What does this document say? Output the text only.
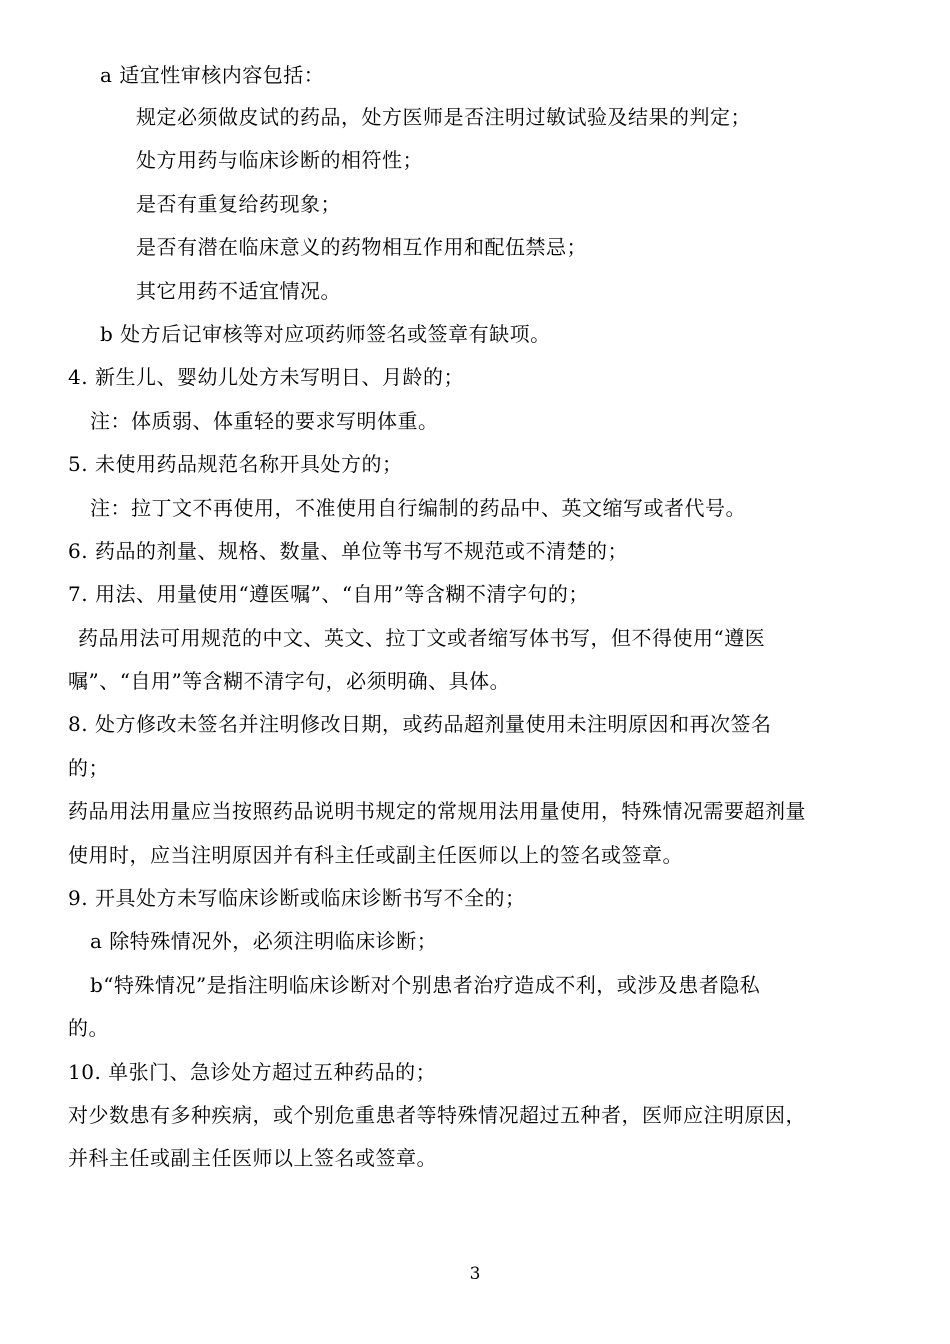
a 适宜性审核内容包括：
规定必须做皮试的药品，处方医师是否注明过敏试验及结果的判定；
处方用药与临床诊断的相符性；
是否有重复给药现象；
是否有潜在临床意义的药物相互作用和配伍禁忌；
其它用药不适宜情况。
b 处方后记审核等对应项药师签名或签章有缺项。
4. 新生儿、婴幼儿处方未写明日、月龄的；
注：体质弱、体重轻的要求写明体重。
5. 未使用药品规范名称开具处方的；
注：拉丁文不再使用，不准使用自行编制的药品中、英文缩写或者代号。
6. 药品的剂量、规格、数量、单位等书写不规范或不清楚的；
7. 用法、用量使用“遵医嘱”、“自用”等含糊不清字句的；
药品用法可用规范的中文、英文、拉丁文或者缩写体书写，但不得使用“遵医
嘱”、“自用”等含糊不清字句，必须明确、具体。
8. 处方修改未签名并注明修改日期，或药品超剂量使用未注明原因和再次签名
的；
药品用法用量应当按照药品说明书规定的常规用法用量使用，特殊情况需要超剂量
使用时，应当注明原因并有科主任或副主任医师以上的签名或签章。
9. 开具处方未写临床诊断或临床诊断书写不全的；
a 除特殊情况外，必须注明临床诊断；
b“特殊情况”是指注明临床诊断对个别患者治疗造成不利，或涉及患者隐私
的。
10. 单张门、急诊处方超过五种药品的；
对少数患有多种疾病，或个别危重患者等特殊情况超过五种者，医师应注明原因，
并科主任或副主任医师以上签名或签章。
3
